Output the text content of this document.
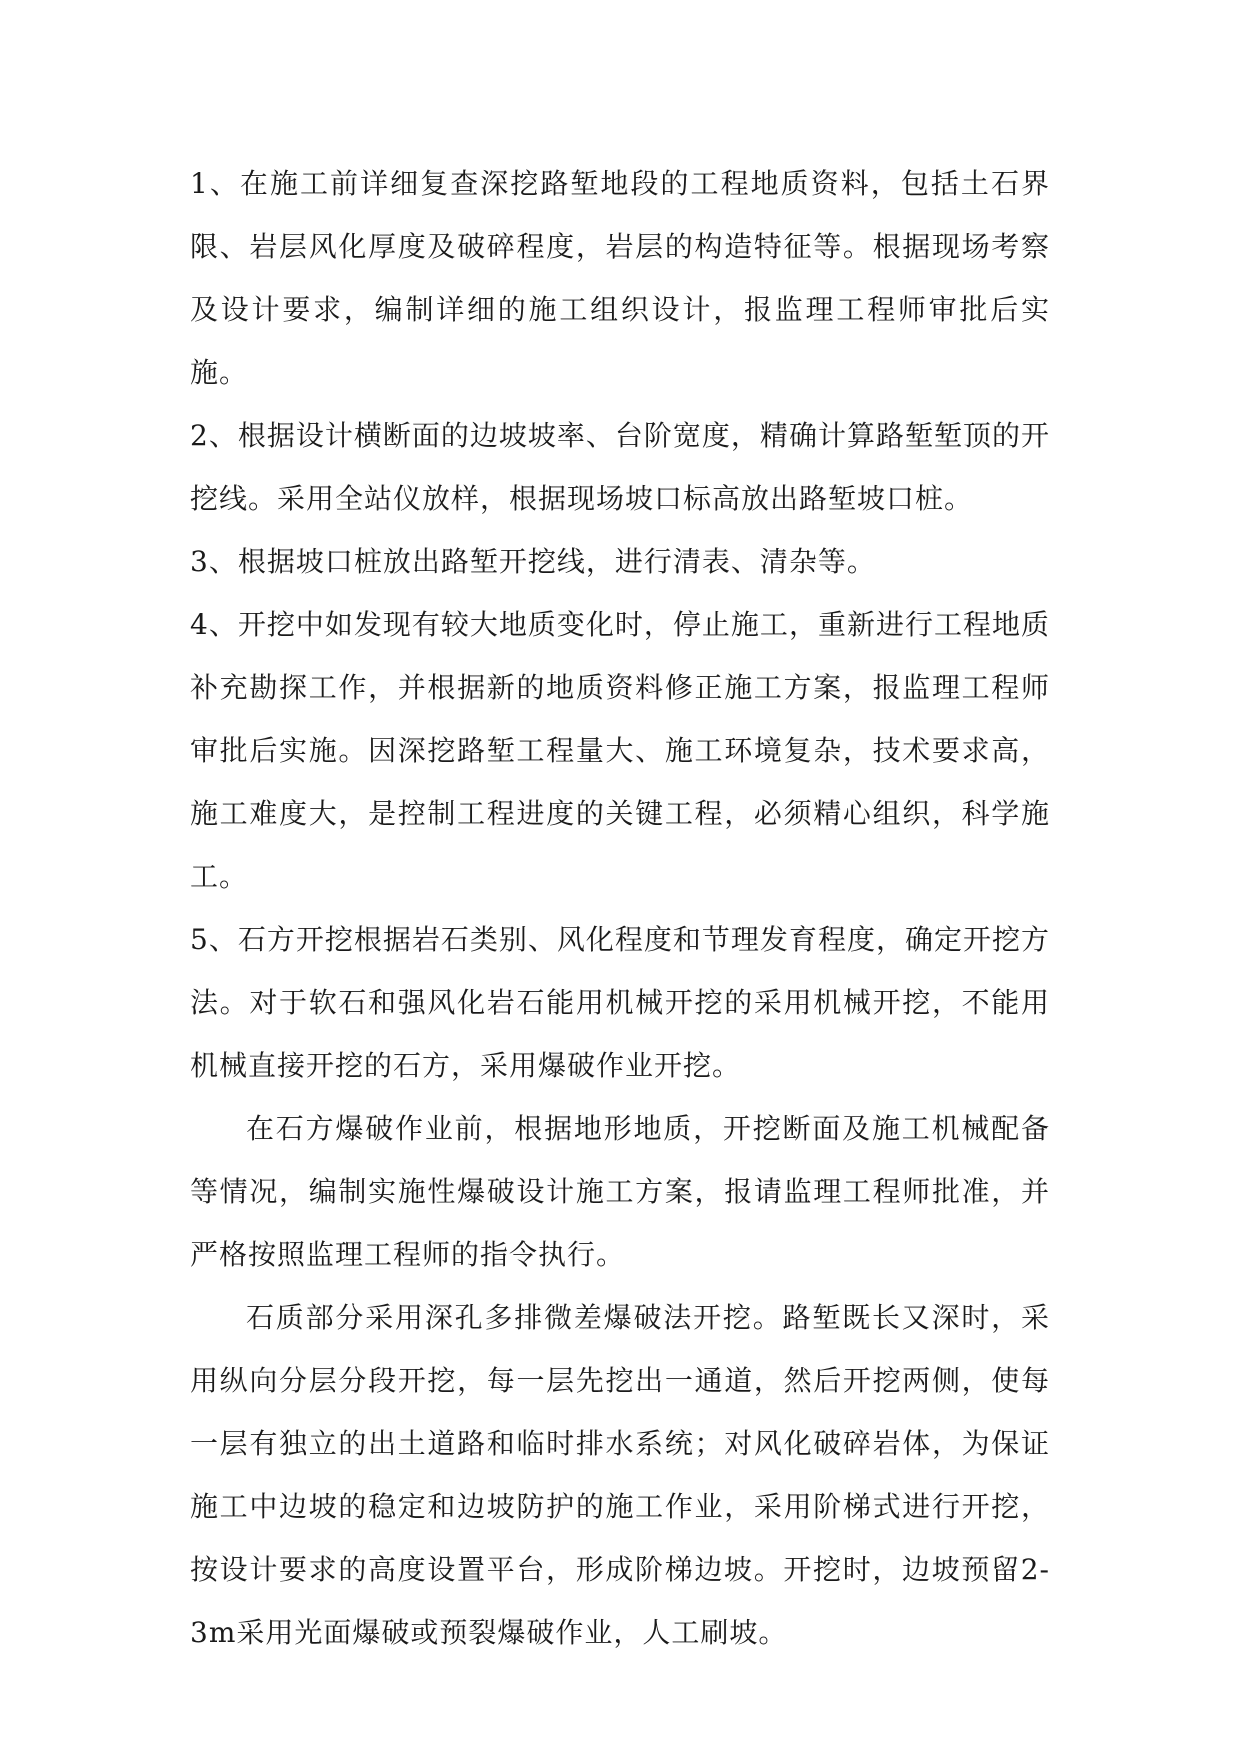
1、在施工前详细复查深挖路堑地段的工程地质资料，包括土石界限、岩层风化厚度及破碎程度，岩层的构造特征等。根据现场考察及设计要求，编制详细的施工组织设计，报监理工程师审批后实施。

2、根据设计横断面的边坡坡率、台阶宽度，精确计算路堑堑顶的开挖线。采用全站仪放样，根据现场坡口标高放出路堑坡口桩。

3、根据坡口桩放出路堑开挖线，进行清表、清杂等。

4、开挖中如发现有较大地质变化时，停止施工，重新进行工程地质补充勘探工作，并根据新的地质资料修正施工方案，报监理工程师审批后实施。因深挖路堑工程量大、施工环境复杂，技术要求高，施工难度大，是控制工程进度的关键工程，必须精心组织，科学施工。

5、石方开挖根据岩石类别、风化程度和节理发育程度，确定开挖方法。对于软石和强风化岩石能用机械开挖的采用机械开挖，不能用机械直接开挖的石方，采用爆破作业开挖。

在石方爆破作业前，根据地形地质，开挖断面及施工机械配备等情况，编制实施性爆破设计施工方案，报请监理工程师批准，并严格按照监理工程师的指令执行。

石质部分采用深孔多排微差爆破法开挖。路堑既长又深时，采用纵向分层分段开挖，每一层先挖出一通道，然后开挖两侧，使每一层有独立的出土道路和临时排水系统；对风化破碎岩体，为保证施工中边坡的稳定和边坡防护的施工作业，采用阶梯式进行开挖，按设计要求的高度设置平台，形成阶梯边坡。开挖时，边坡预留2-3m采用光面爆破或预裂爆破作业，人工刷坡。
